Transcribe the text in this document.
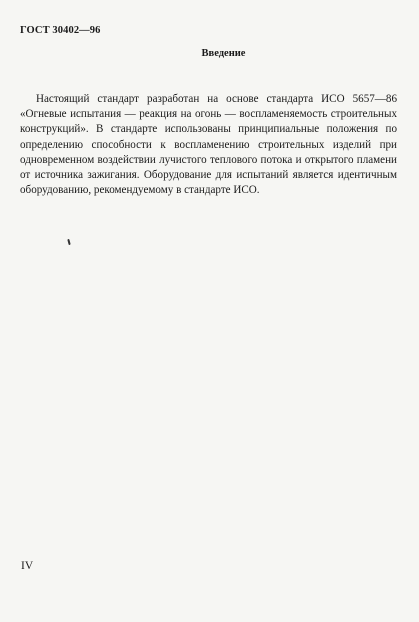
ГОСТ 30402—96
Введение

Настоящий стандарт разработан на основе стандарта ИСО 5657—86 «Огневые испытания — реакция на огонь — воспламеняемость строительных конструкций». В стандарте использованы принципиальные положения по определению способности к воспламенению строительных изделий при одновременном воздействии лучистого теплового потока и открытого пламени от источника зажигания. Оборудование для испытаний является идентичным оборудованию, рекомендуемому в стандарте ИСО.

IV
